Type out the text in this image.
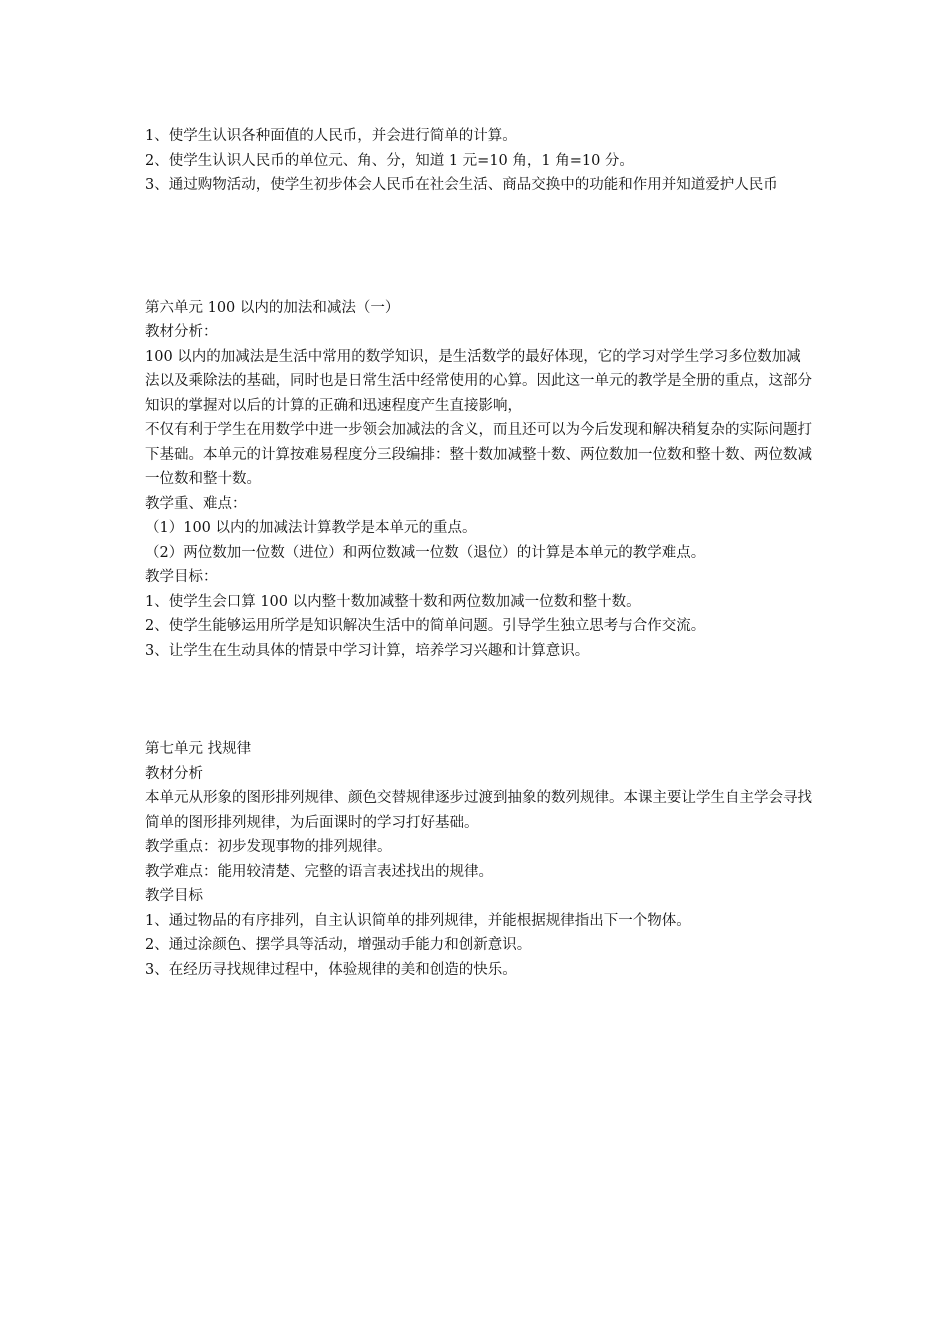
1、使学生认识各种面值的人民币，并会进行简单的计算。

2、使学生认识人民币的单位元、角、分，知道 1 元=10 角，1 角=10 分。

3、通过购物活动，使学生初步体会人民币在社会生活、商品交换中的功能和作用并知道爱护人民币

第六单元 100 以内的加法和减法（一）

教材分析：

100 以内的加减法是生活中常用的数学知识，是生活数学的最好体现，它的学习对学生学习多位数加减法以及乘除法的基础，同时也是日常生活中经常使用的心算。因此这一单元的教学是全册的重点，这部分知识的掌握对以后的计算的正确和迅速程度产生直接影响，

不仅有利于学生在用数学中进一步领会加减法的含义，而且还可以为今后发现和解决稍复杂的实际问题打下基础。本单元的计算按难易程度分三段编排：整十数加减整十数、两位数加一位数和整十数、两位数减一位数和整十数。

教学重、难点：

（1）100 以内的加减法计算教学是本单元的重点。

（2）两位数加一位数（进位）和两位数减一位数（退位）的计算是本单元的教学难点。

教学目标：

1、使学生会口算 100 以内整十数加减整十数和两位数加减一位数和整十数。

2、使学生能够运用所学是知识解决生活中的简单问题。引导学生独立思考与合作交流。

3、让学生在生动具体的情景中学习计算，培养学习兴趣和计算意识。

第七单元 找规律

教材分析

本单元从形象的图形排列规律、颜色交替规律逐步过渡到抽象的数列规律。本课主要让学生自主学会寻找简单的图形排列规律，为后面课时的学习打好基础。

教学重点：初步发现事物的排列规律。

教学难点：能用较清楚、完整的语言表述找出的规律。

教学目标

1、通过物品的有序排列，自主认识简单的排列规律，并能根据规律指出下一个物体。

2、通过涂颜色、摆学具等活动，增强动手能力和创新意识。

3、在经历寻找规律过程中，体验规律的美和创造的快乐。
